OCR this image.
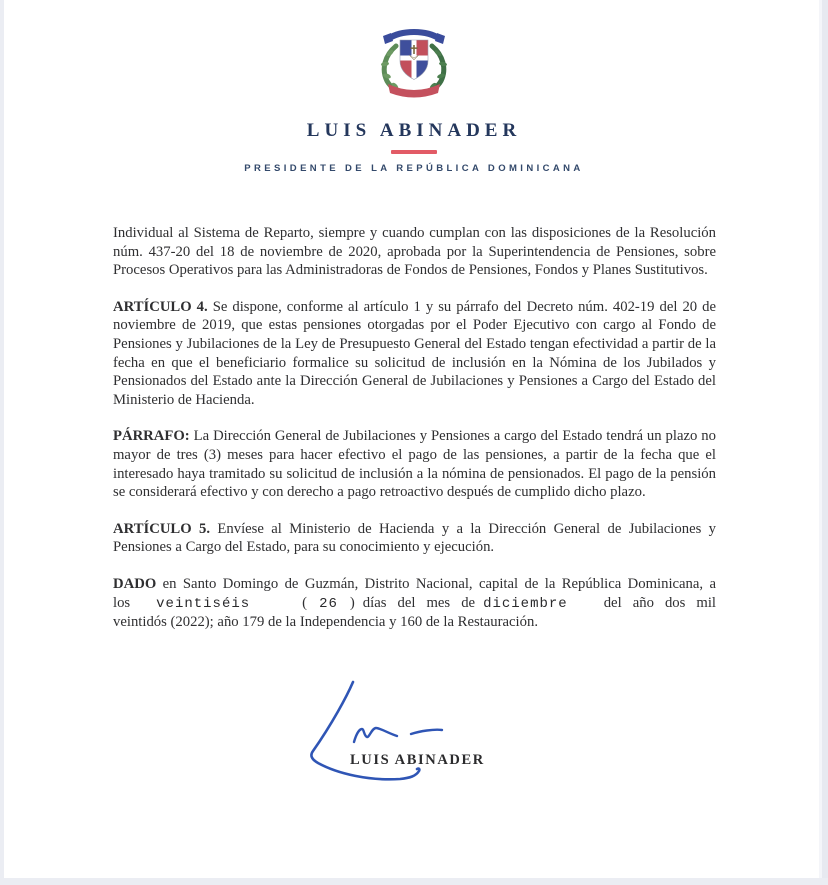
LUIS ABINADER
PRESIDENTE DE LA REPÚBLICA DOMINICANA

Individual al Sistema de Reparto, siempre y cuando cumplan con las disposiciones de la Resolución núm. 437-20 del 18 de noviembre de 2020, aprobada por la Superintendencia de Pensiones, sobre Procesos Operativos para las Administradoras de Fondos de Pensiones, Fondos y Planes Sustitutivos.

ARTÍCULO 4. Se dispone, conforme al artículo 1 y su párrafo del Decreto núm. 402-19 del 20 de noviembre de 2019, que estas pensiones otorgadas por el Poder Ejecutivo con cargo al Fondo de Pensiones y Jubilaciones de la Ley de Presupuesto General del Estado tengan efectividad a partir de la fecha en que el beneficiario formalice su solicitud de inclusión en la Nómina de los Jubilados y Pensionados del Estado ante la Dirección General de Jubilaciones y Pensiones a Cargo del Estado del Ministerio de Hacienda.

PÁRRAFO: La Dirección General de Jubilaciones y Pensiones a cargo del Estado tendrá un plazo no mayor de tres (3) meses para hacer efectivo el pago de las pensiones, a partir de la fecha que el interesado haya tramitado su solicitud de inclusión a la nómina de pensionados. El pago de la pensión se considerará efectivo y con derecho a pago retroactivo después de cumplido dicho plazo.

ARTÍCULO 5. Envíese al Ministerio de Hacienda y a la Dirección General de Jubilaciones y Pensiones a Cargo del Estado, para su conocimiento y ejecución.

DADO en Santo Domingo de Guzmán, Distrito Nacional, capital de la República Dominicana, a los veintiséis	( 26 ) días del mes de diciembre del año dos mil veintidós (2022); año 179 de la Independencia y 160 de la Restauración.

LUIS ABINADER
